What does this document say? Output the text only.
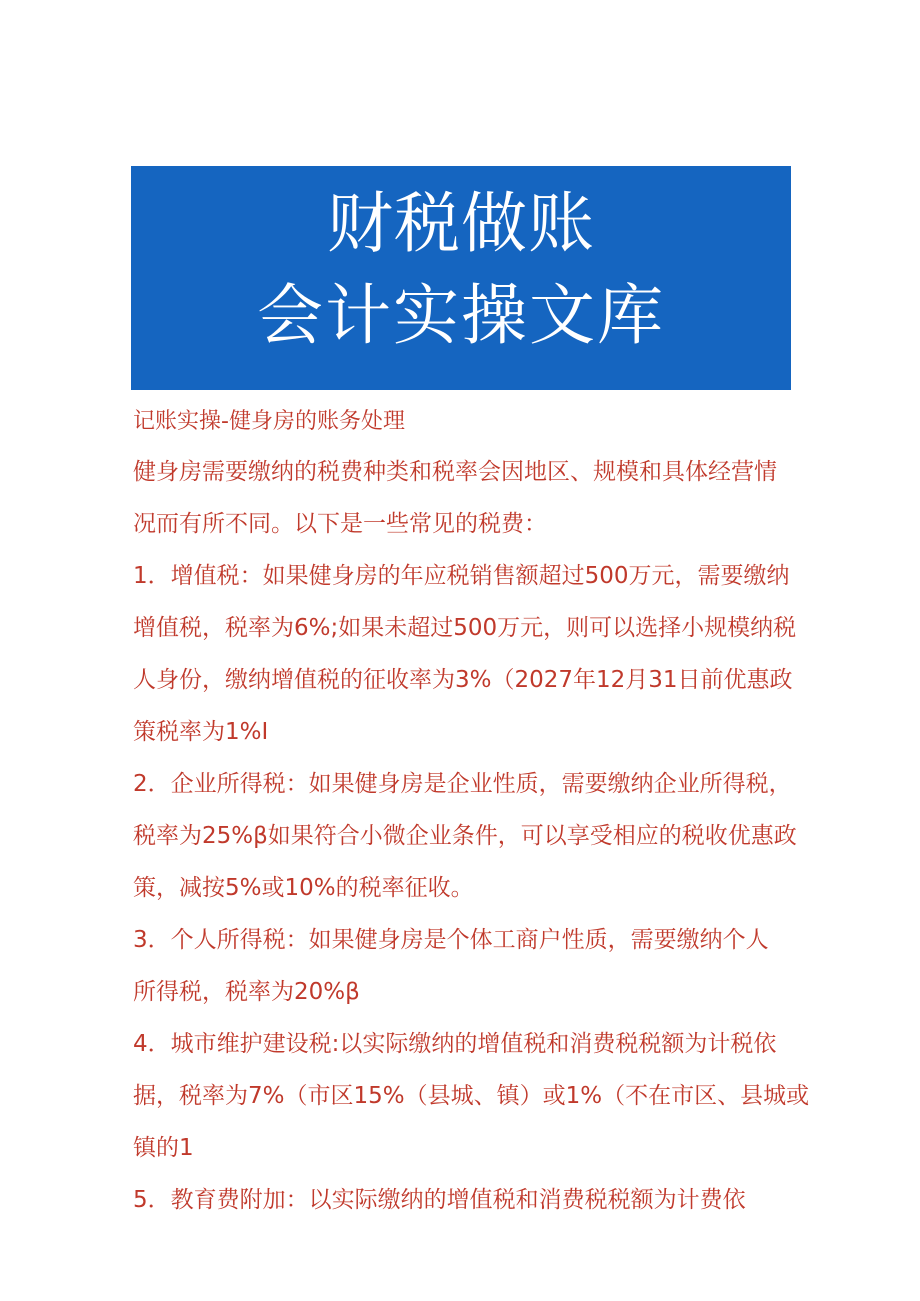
财税做账
会计实操文库
记账实操-健身房的账务处理
健身房需要缴纳的税费种类和税率会因地区、规模和具体经营情
况而有所不同。以下是一些常见的税费：
1．增值税：如果健身房的年应税销售额超过500万元，需要缴纳
增值税，税率为6%;如果未超过500万元，则可以选择小规模纳税
人身份，缴纳增值税的征收率为3%（2027年12月31日前优惠政
策税率为1%I
2．企业所得税：如果健身房是企业性质，需要缴纳企业所得税，
税率为25%β如果符合小微企业条件，可以享受相应的税收优惠政
策，减按5%或10%的税率征收。
3．个人所得税：如果健身房是个体工商户性质，需要缴纳个人
所得税，税率为20%β
4．城市维护建设税:以实际缴纳的增值税和消费税税额为计税依
据，税率为7%（市区15%（县城、镇）或1%（不在市区、县城或
镇的1
5．教育费附加：以实际缴纳的增值税和消费税税额为计费依
